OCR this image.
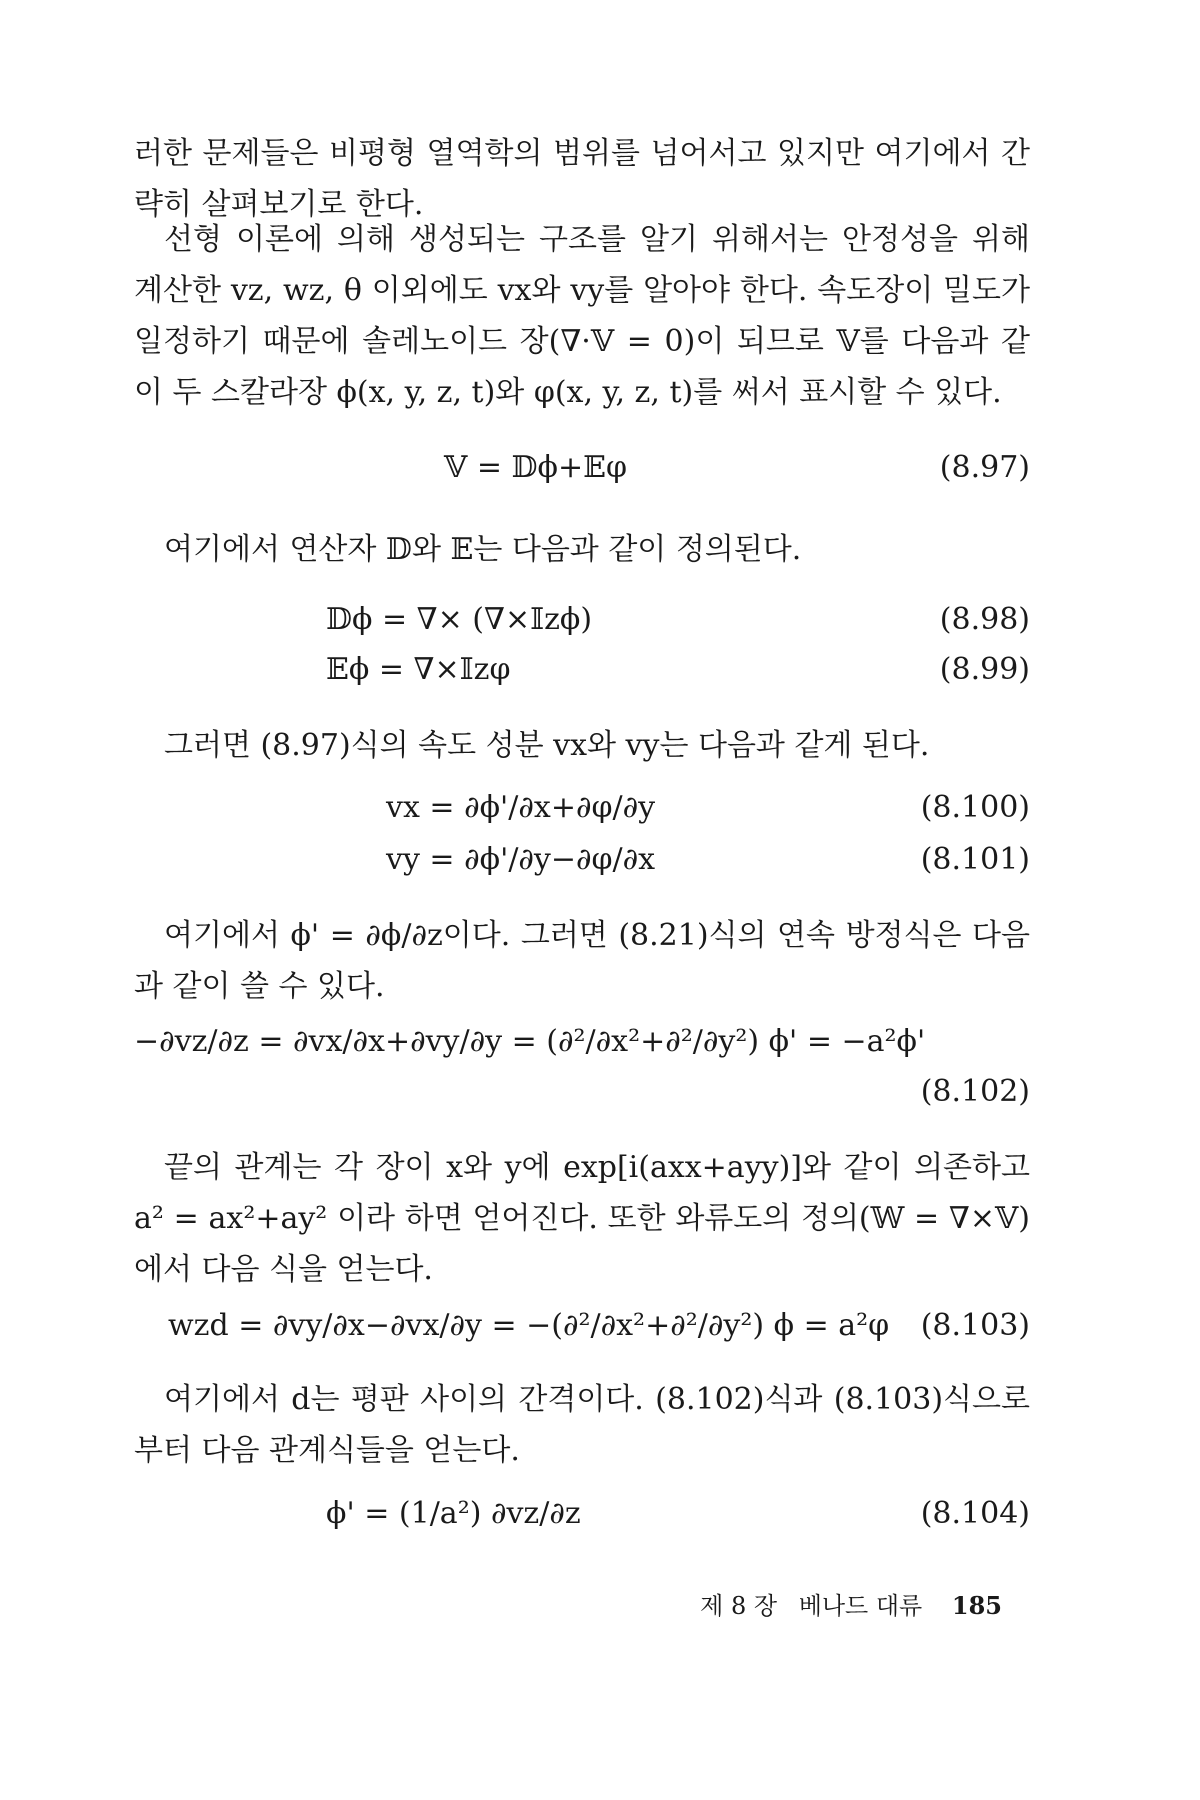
러한 문제들은 비평형 열역학의 범위를 넘어서고 있지만 여기에서 간략히 살펴보기로 한다.

선형 이론에 의해 생성되는 구조를 알기 위해서는 안정성을 위해 계산한 vz, wz, θ 이외에도 vx와 vy를 알아야 한다. 속도장이 밀도가 일정하기 때문에 솔레노이드 장(∇·𝕍 = 0)이 되므로 𝕍를 다음과 같이 두 스칼라장 ϕ(x, y, z, t)와 φ(x, y, z, t)를 써서 표시할 수 있다.

𝕍 = 𝔻ϕ+𝔼φ	(8.97)

여기에서 연산자 𝔻와 𝔼는 다음과 같이 정의된다.

𝔻ϕ = ∇× (∇×𝕀zϕ)	(8.98)
𝔼ϕ = ∇×𝕀zφ	(8.99)

그러면 (8.97)식의 속도 성분 vx와 vy는 다음과 같게 된다.

vx = ∂ϕ'/∂x+∂φ/∂y	(8.100)
vy = ∂ϕ'/∂y−∂φ/∂x	(8.101)

여기에서 ϕ' = ∂ϕ/∂z이다. 그러면 (8.21)식의 연속 방정식은 다음과 같이 쓸 수 있다.

−∂vz/∂z = ∂vx/∂x+∂vy/∂y = (∂²/∂x²+∂²/∂y²) ϕ' = −a²ϕ'
(8.102)

끝의 관계는 각 장이 x와 y에 exp[i(axx+ayy)]와 같이 의존하고 a² = ax²+ay² 이라 하면 얻어진다. 또한 와류도의 정의(𝕎 = ∇×𝕍)에서 다음 식을 얻는다.

wzd = ∂vy/∂x−∂vx/∂y = −(∂²/∂x²+∂²/∂y²) ϕ = a²φ (8.103)

여기에서 d는 평판 사이의 간격이다. (8.102)식과 (8.103)식으로부터 다음 관계식들을 얻는다.

ϕ' = (1/a²) ∂vz/∂z	(8.104)
제 8 장 베나드 대류 185
